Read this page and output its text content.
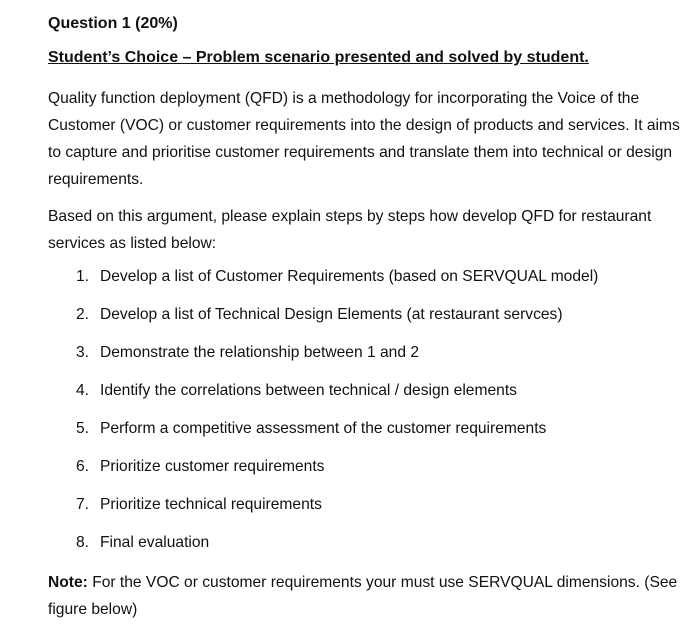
Question 1 (20%)
Student’s Choice – Problem scenario presented and solved by student.

Quality function deployment (QFD) is a methodology for incorporating the Voice of the Customer (VOC) or customer requirements into the design of products and services. It aims to capture and prioritise customer requirements and translate them into technical or design requirements.

Based on this argument, please explain steps by steps how develop QFD for restaurant services as listed below:

1. Develop a list of Customer Requirements (based on SERVQUAL model)
2. Develop a list of Technical Design Elements (at restaurant servces)
3. Demonstrate the relationship between 1 and 2
4. Identify the correlations between technical / design elements
5. Perform a competitive assessment of the customer requirements
6. Prioritize customer requirements
7. Prioritize technical requirements
8. Final evaluation

Note: For the VOC or customer requirements your must use SERVQUAL dimensions. (See figure below)
